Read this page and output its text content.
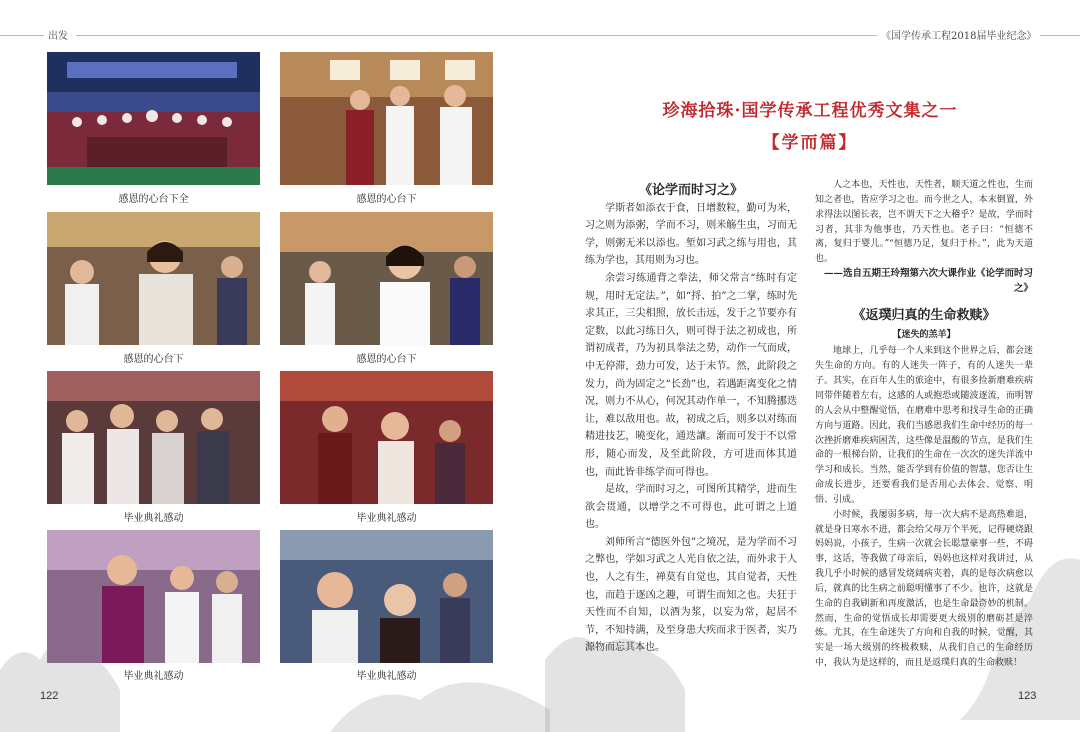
出发	《国学传承工程2018届毕业纪念》
感恩的心台下全	感恩的心台下
感恩的心台下	感恩的心台下
毕业典礼感动	毕业典礼感动
毕业典礼感动	毕业典礼感动
122
珍海拾珠·国学传承工程优秀文集之一
【学而篇】

《论学而时习之》

学斯者如添衣于食，日增数粒，勤可为米，习之则为添粥，学而不习，则米觞生虫，习而无学，则粥无米以添也。堑如习武之练与用也，其练为学也，其用则为习也。

余尝习练通背之拳法，师父常言“练时有定规，用时无定法。”，如“捋、拍”之二掌，练时先求其正，三尖相照，放长击远，发于之节要亦有定数，以此习练日久，则可得于法之初成也，所谓初成者，乃为初具拳法之势，动作一气而成，中无停滞，劲力可发，达于末节。然，此阶段之发力，尚为固定之“长劲”也，若遇距离变化之情况，则力不从心，何况其动作单一，不知腾挪迭让，难以敌用也。故，初成之后，则多以对练而精进技艺，曉变化，通迭讓。渐而可发于不以常形，随心而发，及至此阶段，方可进而体其道也，而此皆非练学而可得也。

是故，学而时习之，可图所其精学，进而生欲会贯通，以增学之不可得也，此可谓之上道也。

刘师所言“德医外包”之境况，是为学而不习之弊也，学如习武之人光自依之法，而外求于人也，人之有生，禅莫有自觉也，其自觉者，天性也，而趋于逐凶之趣，可谓生而知之也。夫狂于天性而不自知，以酒为浆，以妄为常，起居不节，不知持满，及至身患大疾而求于医者，实乃源物而忘其本也。

人之本也，天性也，天性者，顺天道之性也，生而知之者也，皆应学习之也。而今世之人，本末倒置，外求得法以图长表，岂不谓天下之大稽乎？是故，学而时习者，其非为他事也，乃天性也。老子曰：“恒德不离，复归于婴儿。”“恒德乃足，复归于朴。”，此为天道也。

——选自五期王玲翔第六次大课作业《论学而时习之》

《返璞归真的生命救赎》

【迷失的羔羊】

地球上，几乎每一个人来到这个世界之后，都会迷失生命的方向。有的人迷失一阵子，有的人迷失一辈子。其实，在百年人生的旅途中，有很多捡新磨难疾病同带伴随着左右，这感的人或抱恐或随波逐流，而明智的人会从中整醒觉悟，在磨难中思考和找寻生命的正确方向与道路。因此，我们当感恩我们生命中经历的每一次挫折磨难疾病困苦，这些像是温酸的节点，是我们生命的一根梯台阶，让我们的生命在一次次的迷失洋流中学习和成长。当然，能否学到有价值的智慧，您否让生命成长进步，还要看我们是否用心去体会、觉察、明悟、引成。

小时候，我屡弱多病，每一次大病不是高热难退，就是身日寒水不进，都会给父母万个半死，记得硬烧跟妈妈说，小孩子，生病一次就会长聪慧豪事一些，不碍事，这话，等我做了母亲后，妈妈也这样对我讲过，从我几乎小时候的感冒发烧阔病夹着，真的是每次病愈以后，就真的比生病之前聪明懂事了不少。也许，这就是生命的自我刷新和再度激活，也是生命最奇妙的机制。然而，生命的觉悟成长却需要更大级别的磨砺甚是淬炼。尤其，在生命迷失了方向和自我的时候，觉醒，其实是一场大级别的终极救赎，从我们自己的生命经历中，我认为是这样的，而且是返璞归真的生命救赎！

123
